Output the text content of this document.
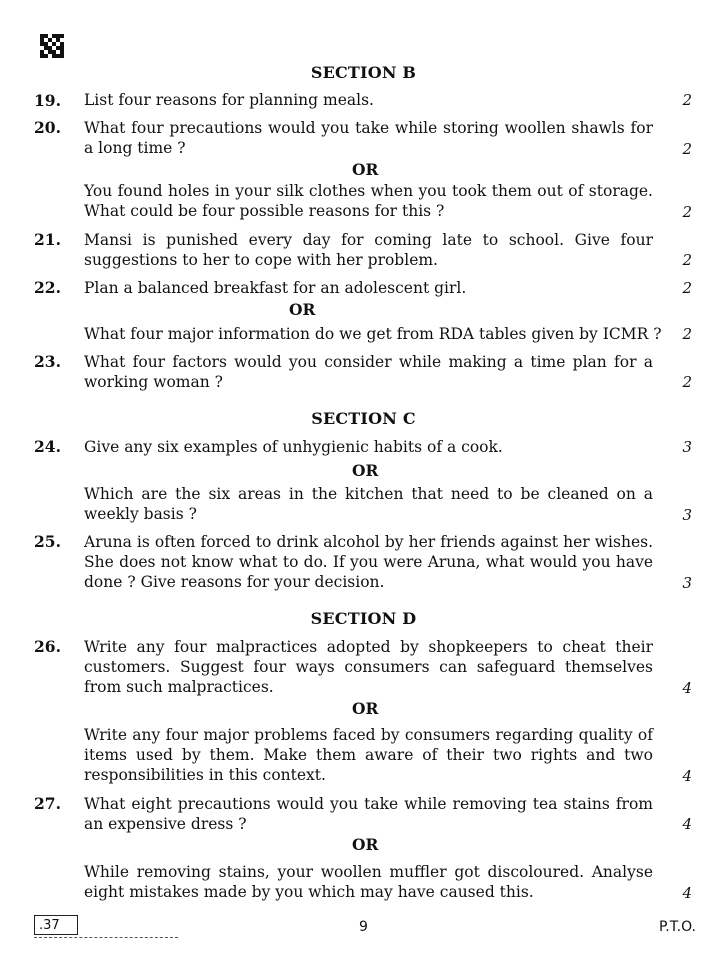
SECTION B
19. List four reasons for planning meals.	2
20. What four precautions would you take while storing woollen shawls for a long time ?	2
OR
You found holes in your silk clothes when you took them out of storage. What could be four possible reasons for this ?	2
21. Mansi is punished every day for coming late to school. Give four suggestions to her to cope with her problem.	2
22. Plan a balanced breakfast for an adolescent girl.	2
OR
What four major information do we get from RDA tables given by ICMR ?	2
23. What four factors would you consider while making a time plan for a working woman ?	2
SECTION C
24. Give any six examples of unhygienic habits of a cook.	3
OR
Which are the six areas in the kitchen that need to be cleaned on a weekly basis ?	3
25. Aruna is often forced to drink alcohol by her friends against her wishes. She does not know what to do. If you were Aruna, what would you have done ? Give reasons for your decision.	3
SECTION D
26. Write any four malpractices adopted by shopkeepers to cheat their customers. Suggest four ways consumers can safeguard themselves from such malpractices.	4
OR
Write any four major problems faced by consumers regarding quality of items used by them. Make them aware of their two rights and two responsibilities in this context.	4
27. What eight precautions would you take while removing tea stains from an expensive dress ?	4
OR
While removing stains, your woollen muffler got discoloured. Analyse eight mistakes made by you which may have caused this.	4
.37	9	P.T.O.
